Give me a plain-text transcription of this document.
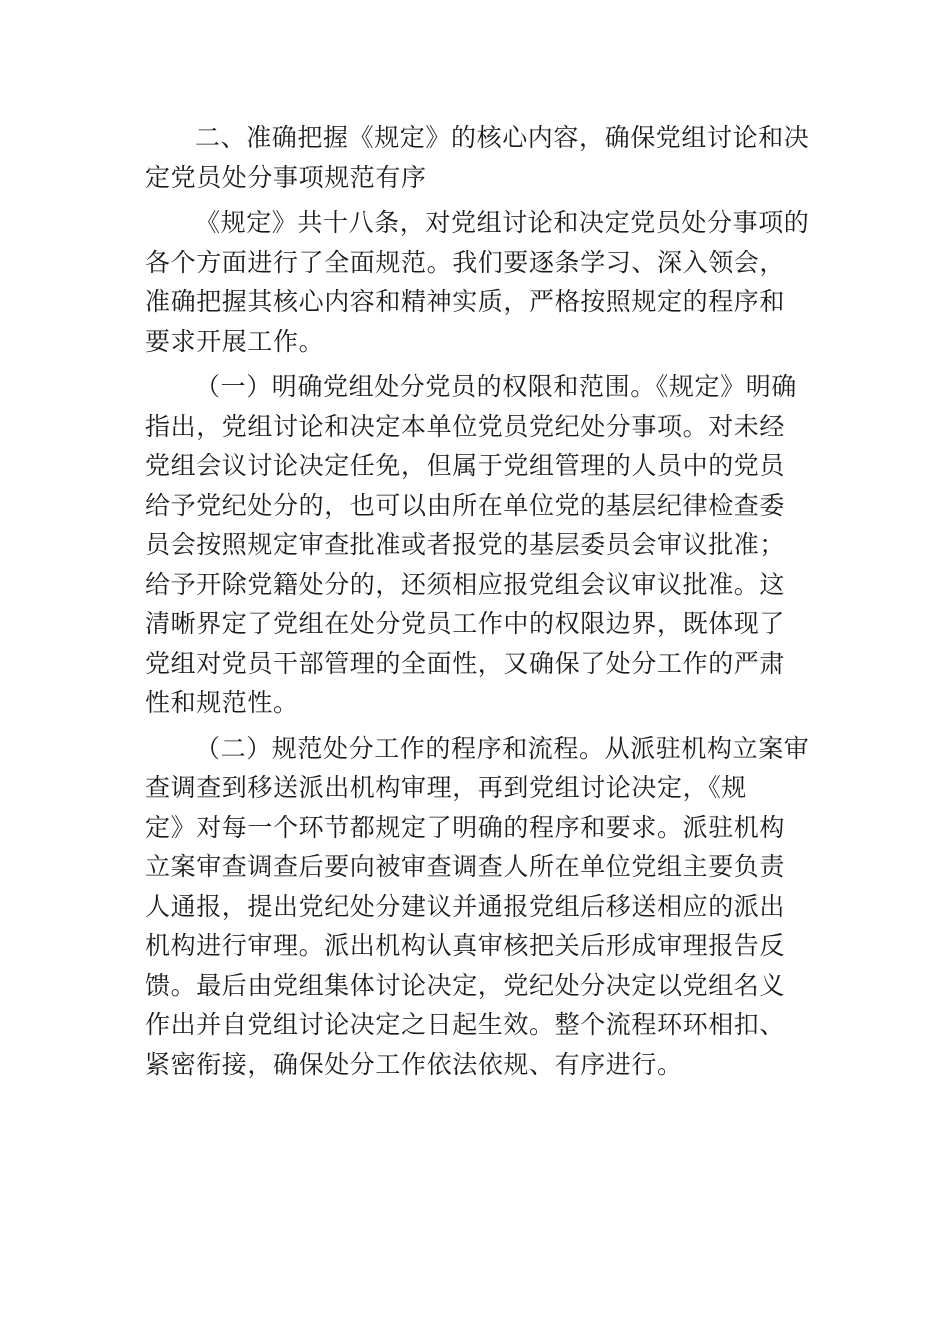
二、准确把握《规定》的核心内容，确保党组讨论和决
定党员处分事项规范有序
《规定》共十八条，对党组讨论和决定党员处分事项的
各个方面进行了全面规范。我们要逐条学习、深入领会，
准确把握其核心内容和精神实质，严格按照规定的程序和
要求开展工作。
（一）明确党组处分党员的权限和范围。《规定》明确
指出，党组讨论和决定本单位党员党纪处分事项。对未经
党组会议讨论决定任免，但属于党组管理的人员中的党员
给予党纪处分的，也可以由所在单位党的基层纪律检查委
员会按照规定审查批准或者报党的基层委员会审议批准；
给予开除党籍处分的，还须相应报党组会议审议批准。这
清晰界定了党组在处分党员工作中的权限边界，既体现了
党组对党员干部管理的全面性，又确保了处分工作的严肃
性和规范性。
（二）规范处分工作的程序和流程。从派驻机构立案审
查调查到移送派出机构审理，再到党组讨论决定，《规
定》对每一个环节都规定了明确的程序和要求。派驻机构
立案审查调查后要向被审查调查人所在单位党组主要负责
人通报，提出党纪处分建议并通报党组后移送相应的派出
机构进行审理。派出机构认真审核把关后形成审理报告反
馈。最后由党组集体讨论决定，党纪处分决定以党组名义
作出并自党组讨论决定之日起生效。整个流程环环相扣、
紧密衔接，确保处分工作依法依规、有序进行。
